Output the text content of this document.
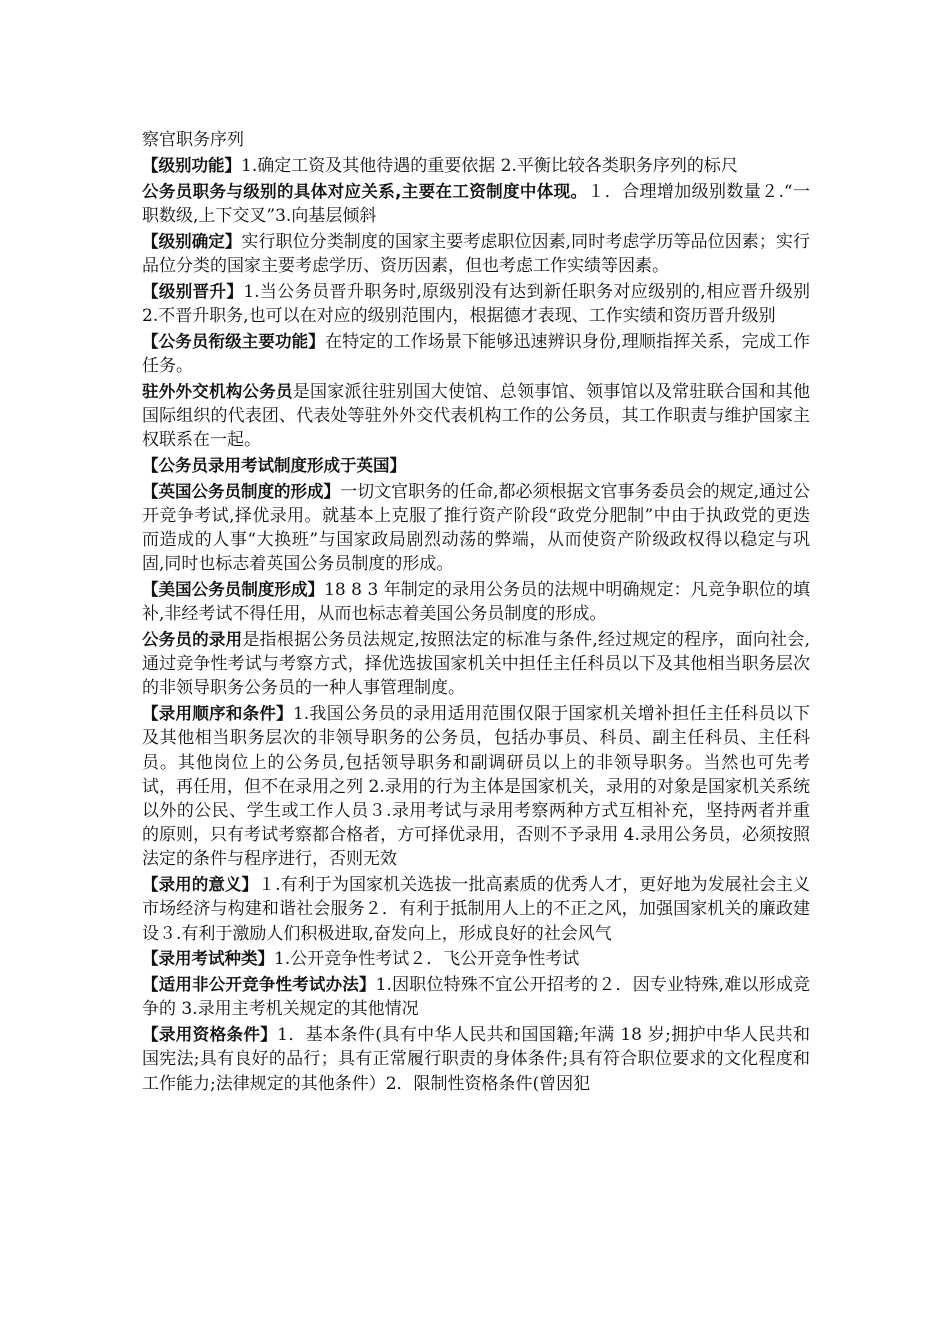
察官职务序列

【级别功能】1.确定工资及其他待遇的重要依据 2.平衡比较各类职务序列的标尺

公务员职务与级别的具体对应关系,主要在工资制度中体现。１．合理增加级别数量２.“一职数级,上下交叉”3.向基层倾斜

【级别确定】实行职位分类制度的国家主要考虑职位因素,同时考虑学历等品位因素；实行品位分类的国家主要考虑学历、资历因素，但也考虑工作实绩等因素。

【级别晋升】1.当公务员晋升职务时,原级别没有达到新任职务对应级别的,相应晋升级别 2.不晋升职务,也可以在对应的级别范围内，根据德才表现、工作实绩和资历晋升级别

【公务员衔级主要功能】在特定的工作场景下能够迅速辨识身份,理顺指挥关系，完成工作任务。

驻外外交机构公务员是国家派往驻别国大使馆、总领事馆、领事馆以及常驻联合国和其他国际组织的代表团、代表处等驻外外交代表机构工作的公务员，其工作职责与维护国家主权联系在一起。

【公务员录用考试制度形成于英国】

【英国公务员制度的形成】一切文官职务的任命,都必须根据文官事务委员会的规定,通过公开竞争考试,择优录用。就基本上克服了推行资产阶段“政党分肥制”中由于执政党的更迭而造成的人事“大换班”与国家政局剧烈动荡的弊端，从而使资产阶级政权得以稳定与巩固,同时也标志着英国公务员制度的形成。

【美国公务员制度形成】18 8 3 年制定的录用公务员的法规中明确规定：凡竞争职位的填补,非经考试不得任用，从而也标志着美国公务员制度的形成。

公务员的录用是指根据公务员法规定,按照法定的标准与条件,经过规定的程序，面向社会,通过竞争性考试与考察方式，择优选拔国家机关中担任主任科员以下及其他相当职务层次的非领导职务公务员的一种人事管理制度。

【录用顺序和条件】1.我国公务员的录用适用范围仅限于国家机关增补担任主任科员以下及其他相当职务层次的非领导职务的公务员，包括办事员、科员、副主任科员、主任科员。其他岗位上的公务员,包括领导职务和副调研员以上的非领导职务。当然也可先考试，再任用，但不在录用之列 2.录用的行为主体是国家机关，录用的对象是国家机关系统以外的公民、学生或工作人员３.录用考试与录用考察两种方式互相补充，坚持两者并重的原则，只有考试考察都合格者，方可择优录用，否则不予录用 4.录用公务员，必须按照法定的条件与程序进行，否则无效

【录用的意义】１.有利于为国家机关选拔一批高素质的优秀人才，更好地为发展社会主义市场经济与构建和谐社会服务２．有利于抵制用人上的不正之风，加强国家机关的廉政建设３.有利于激励人们积极进取,奋发向上，形成良好的社会风气

【录用考试种类】1.公开竞争性考试２．飞公开竞争性考试

【适用非公开竞争性考试办法】1.因职位特殊不宜公开招考的２．因专业特殊,难以形成竞争的 3.录用主考机关规定的其他情况

【录用资格条件】1．基本条件(具有中华人民共和国国籍;年满 18 岁;拥护中华人民共和国宪法;具有良好的品行；具有正常履行职责的身体条件;具有符合职位要求的文化程度和工作能力;法律规定的其他条件）2．限制性资格条件(曾因犯
